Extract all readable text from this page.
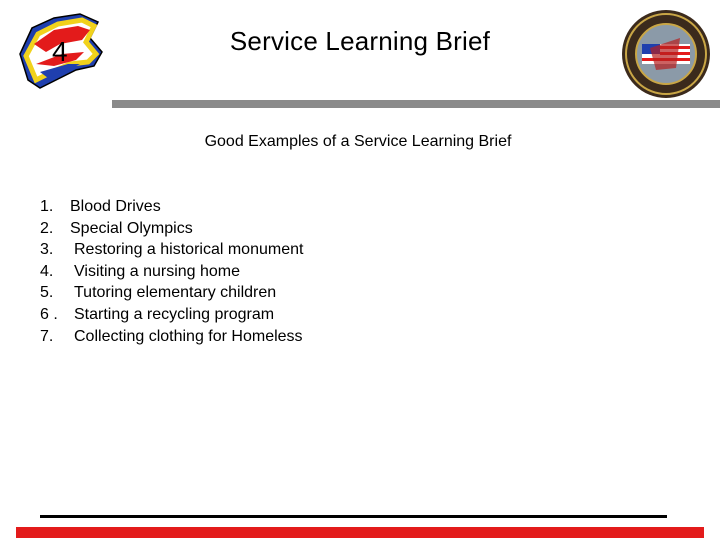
4	Service Learning Brief
Good Examples of a Service Learning Brief
1. Blood Drives
2. Special Olympics
3. Restoring a historical monument
4. Visiting a nursing home
5. Tutoring elementary children
6 . Starting a recycling program
7. Collecting clothing for Homeless
